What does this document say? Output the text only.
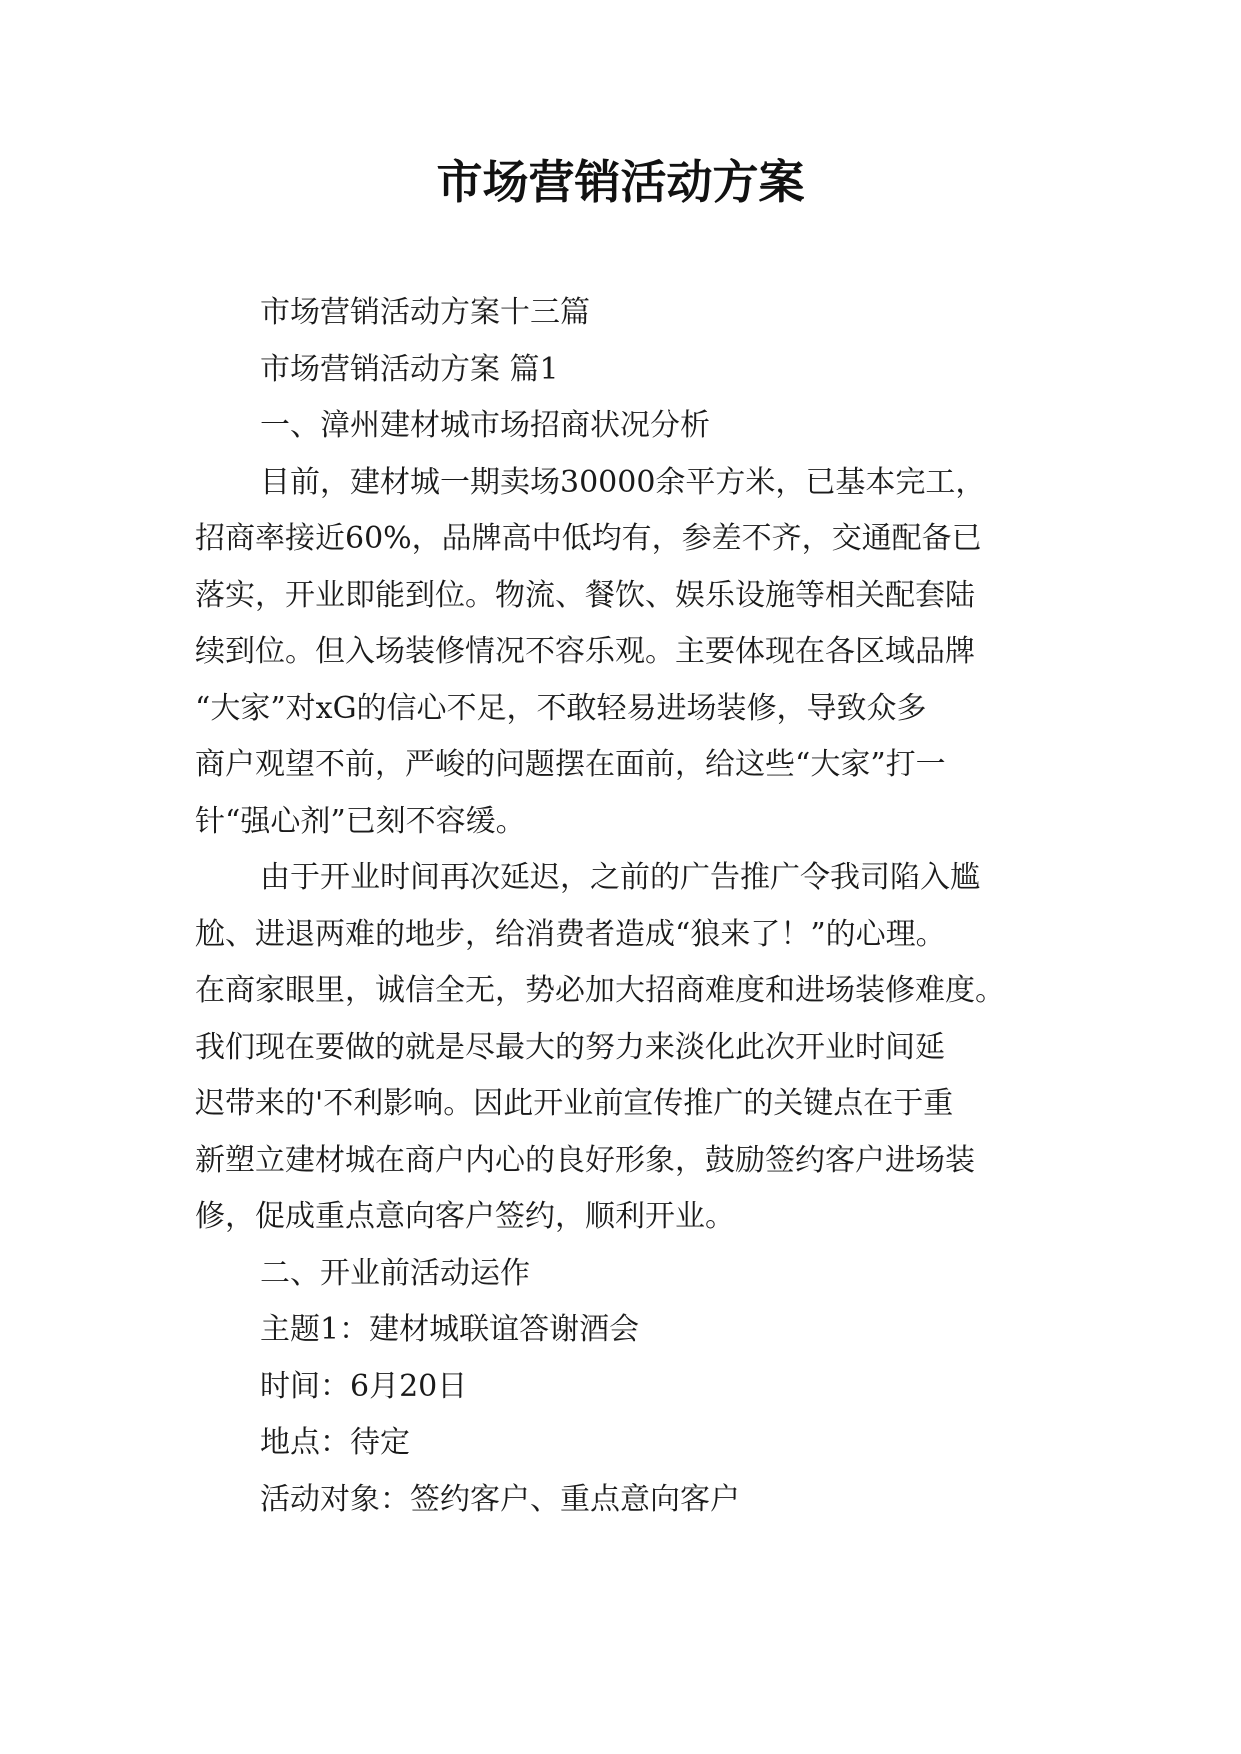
市场营销活动方案
市场营销活动方案十三篇
市场营销活动方案 篇1
一、漳州建材城市场招商状况分析
目前，建材城一期卖场30000余平方米，已基本完工，
招商率接近60%，品牌高中低均有，参差不齐，交通配备已
落实，开业即能到位。物流、餐饮、娱乐设施等相关配套陆
续到位。但入场装修情况不容乐观。主要体现在各区域品牌
“大家”对xG的信心不足，不敢轻易进场装修，导致众多
商户观望不前，严峻的问题摆在面前，给这些“大家”打一
针“强心剂”已刻不容缓。
由于开业时间再次延迟，之前的广告推广令我司陷入尴
尬、进退两难的地步，给消费者造成“狼来了！”的心理。
在商家眼里，诚信全无，势必加大招商难度和进场装修难度。
我们现在要做的就是尽最大的努力来淡化此次开业时间延
迟带来的'不利影响。因此开业前宣传推广的关键点在于重
新塑立建材城在商户内心的良好形象，鼓励签约客户进场装
修，促成重点意向客户签约，顺利开业。
二、开业前活动运作
主题1：建材城联谊答谢酒会
时间：6月20日
地点：待定
活动对象：签约客户、重点意向客户
